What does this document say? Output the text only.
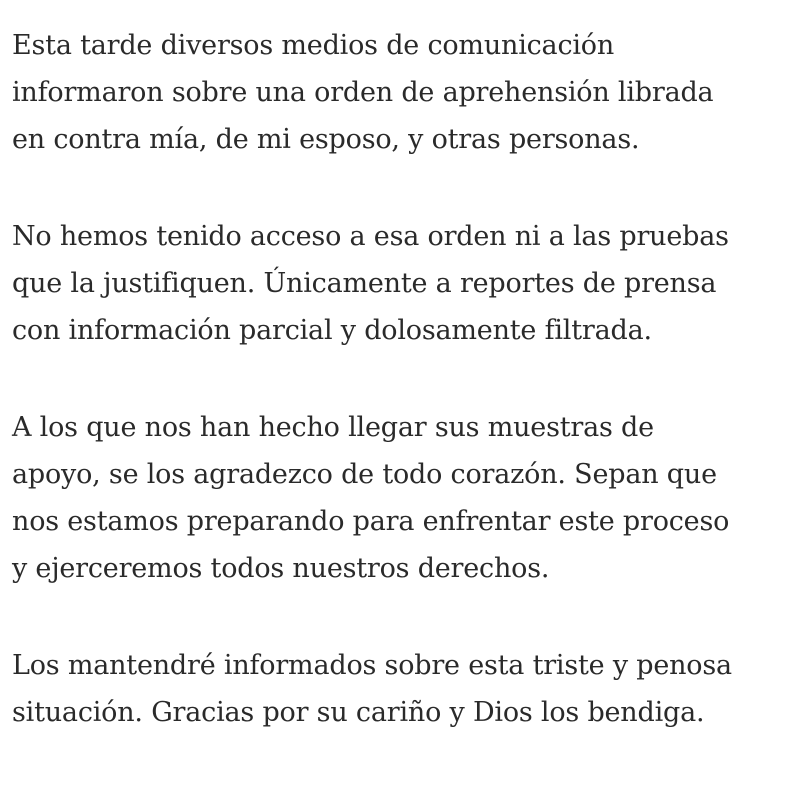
Esta tarde diversos medios de comunicación
informaron sobre una orden de aprehensión librada
en contra mía, de mi esposo, y otras personas.

No hemos tenido acceso a esa orden ni a las pruebas
que la justifiquen. Únicamente a reportes de prensa
con información parcial y dolosamente filtrada.

A los que nos han hecho llegar sus muestras de
apoyo, se los agradezco de todo corazón. Sepan que
nos estamos preparando para enfrentar este proceso
y ejerceremos todos nuestros derechos.

Los mantendré informados sobre esta triste y penosa
situación. Gracias por su cariño y Dios los bendiga.
